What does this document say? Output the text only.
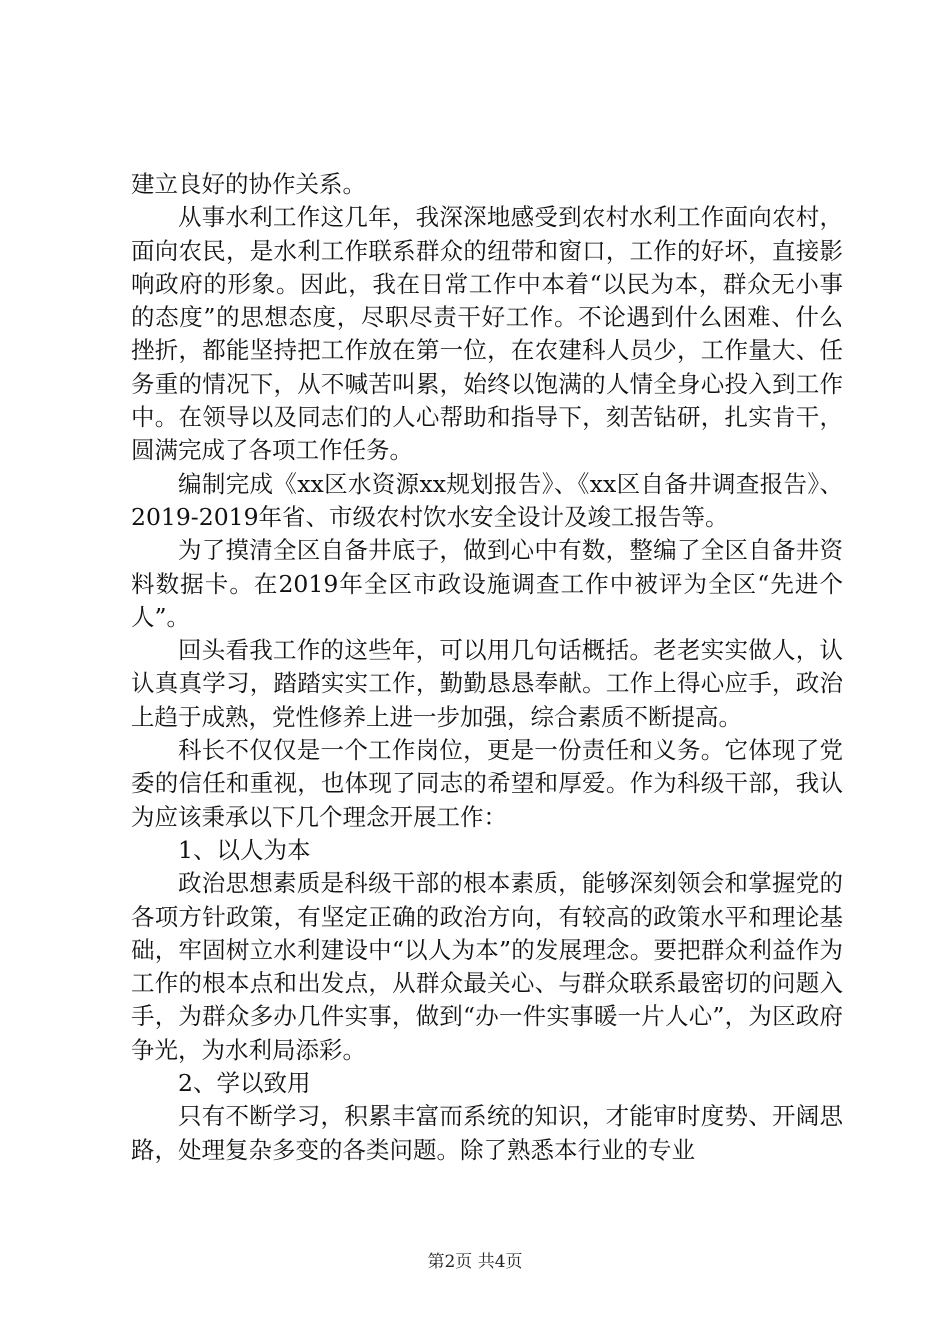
建立良好的协作关系。

从事水利工作这几年，我深深地感受到农村水利工作面向农村，面向农民，是水利工作联系群众的纽带和窗口，工作的好坏，直接影响政府的形象。因此，我在日常工作中本着“以民为本，群众无小事的态度”的思想态度，尽职尽责干好工作。不论遇到什么困难、什么挫折，都能坚持把工作放在第一位，在农建科人员少，工作量大、任务重的情况下，从不喊苦叫累，始终以饱满的人情全身心投入到工作中。在领导以及同志们的人心帮助和指导下，刻苦钻研，扎实肯干，圆满完成了各项工作任务。

编制完成《xx区水资源xx规划报告》、《xx区自备井调查报告》、2019-2019年省、市级农村饮水安全设计及竣工报告等。

为了摸清全区自备井底子，做到心中有数，整编了全区自备井资料数据卡。在2019年全区市政设施调查工作中被评为全区“先进个人”。

回头看我工作的这些年，可以用几句话概括。老老实实做人，认认真真学习，踏踏实实工作，勤勤恳恳奉献。工作上得心应手，政治上趋于成熟，党性修养上进一步加强，综合素质不断提高。

科长不仅仅是一个工作岗位，更是一份责任和义务。它体现了党委的信任和重视，也体现了同志的希望和厚爱。作为科级干部，我认为应该秉承以下几个理念开展工作：

1、以人为本

政治思想素质是科级干部的根本素质，能够深刻领会和掌握党的各项方针政策，有坚定正确的政治方向，有较高的政策水平和理论基础，牢固树立水利建设中“以人为本”的发展理念。要把群众利益作为工作的根本点和出发点，从群众最关心、与群众联系最密切的问题入手，为群众多办几件实事，做到“办一件实事暖一片人心”，为区政府争光，为水利局添彩。

2、学以致用

只有不断学习，积累丰富而系统的知识，才能审时度势、开阔思路，处理复杂多变的各类问题。除了熟悉本行业的专业

第2页 共4页
